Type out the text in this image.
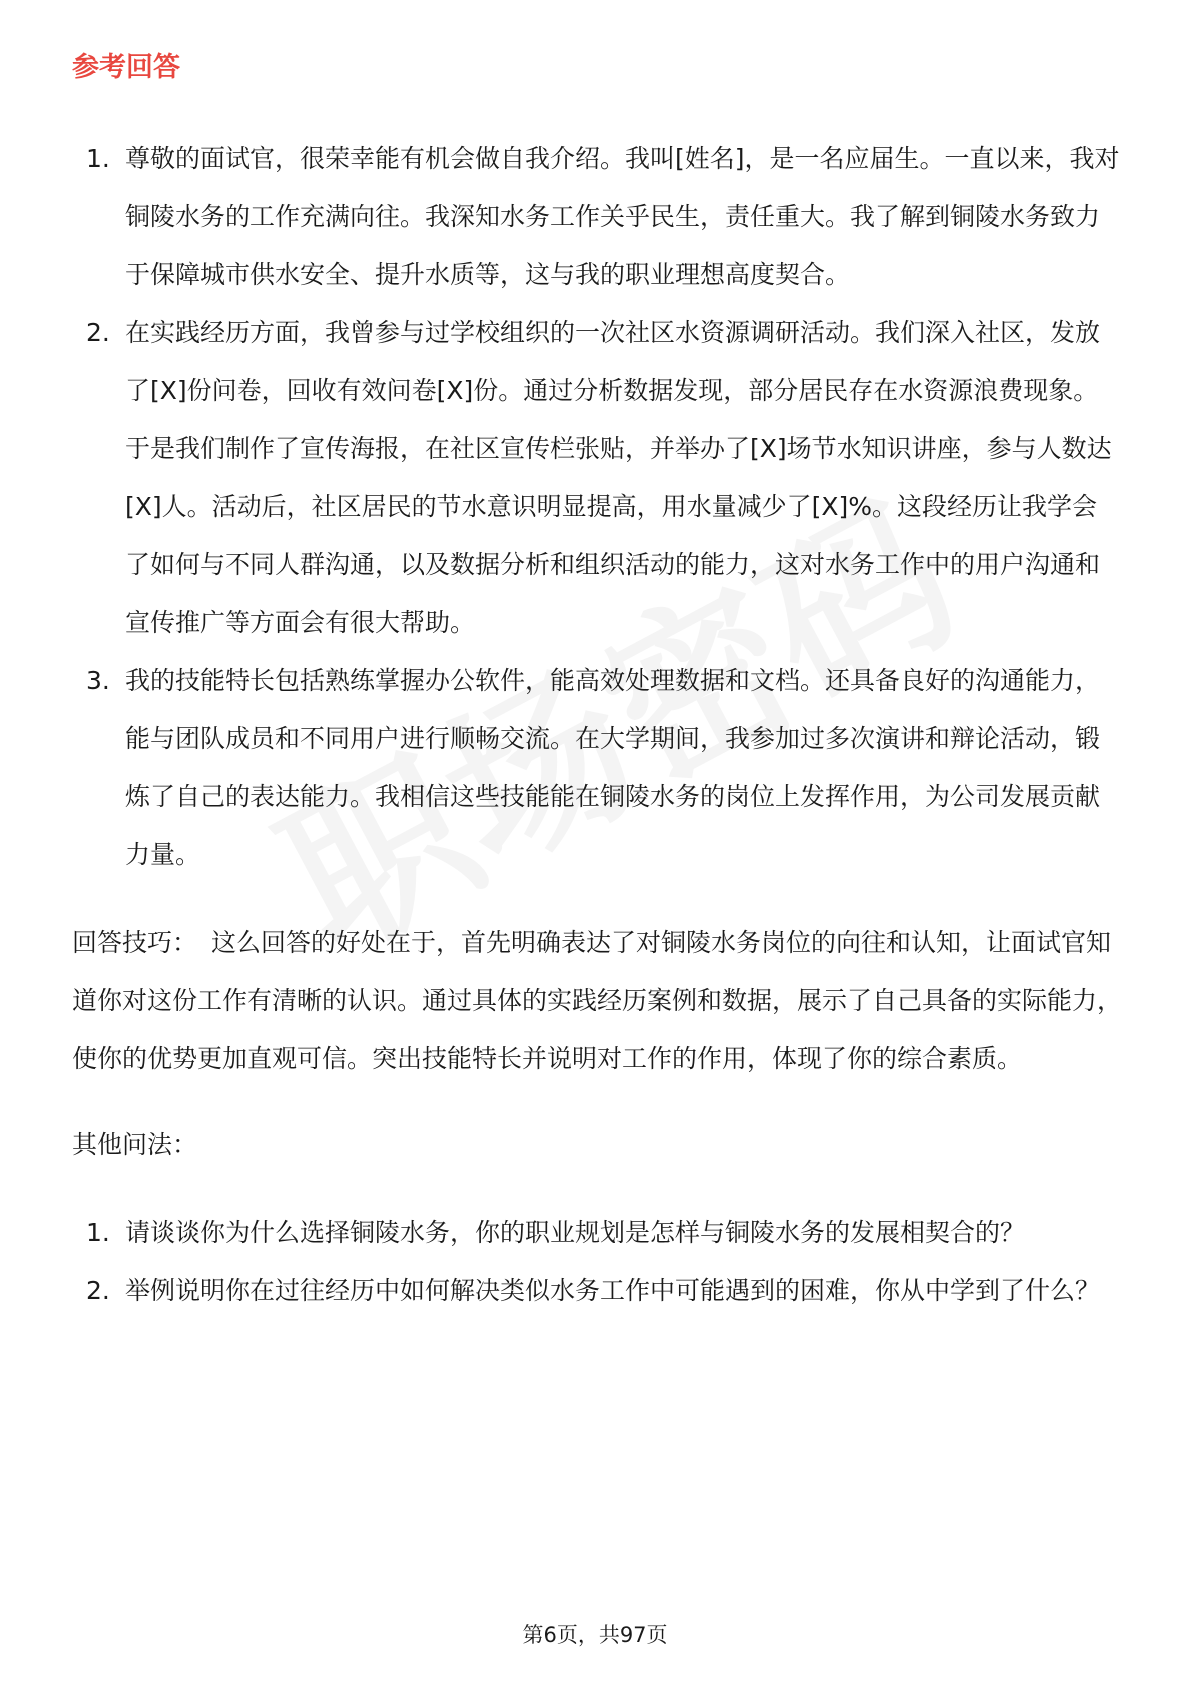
参考回答
1. 尊敬的面试官，很荣幸能有机会做自我介绍。我叫[姓名]，是一名应届生。一直以来，我对铜陵水务的工作充满向往。我深知水务工作关乎民生，责任重大。我了解到铜陵水务致力于保障城市供水安全、提升水质等，这与我的职业理想高度契合。
2. 在实践经历方面，我曾参与过学校组织的一次社区水资源调研活动。我们深入社区，发放了[X]份问卷，回收有效问卷[X]份。通过分析数据发现，部分居民存在水资源浪费现象。于是我们制作了宣传海报，在社区宣传栏张贴，并举办了[X]场节水知识讲座，参与人数达[X]人。活动后，社区居民的节水意识明显提高，用水量减少了[X]%。这段经历让我学会了如何与不同人群沟通，以及数据分析和组织活动的能力，这对水务工作中的用户沟通和宣传推广等方面会有很大帮助。
3. 我的技能特长包括熟练掌握办公软件，能高效处理数据和文档。还具备良好的沟通能力，能与团队成员和不同用户进行顺畅交流。在大学期间，我参加过多次演讲和辩论活动，锻炼了自己的表达能力。我相信这些技能能在铜陵水务的岗位上发挥作用，为公司发展贡献力量。
回答技巧： 这么回答的好处在于，首先明确表达了对铜陵水务岗位的向往和认知，让面试官知道你对这份工作有清晰的认识。通过具体的实践经历案例和数据，展示了自己具备的实际能力，使你的优势更加直观可信。突出技能特长并说明对工作的作用，体现了你的综合素质。
其他问法：
1. 请谈谈你为什么选择铜陵水务，你的职业规划是怎样与铜陵水务的发展相契合的？
2. 举例说明你在过往经历中如何解决类似水务工作中可能遇到的困难，你从中学到了什么？
第6页，共97页
